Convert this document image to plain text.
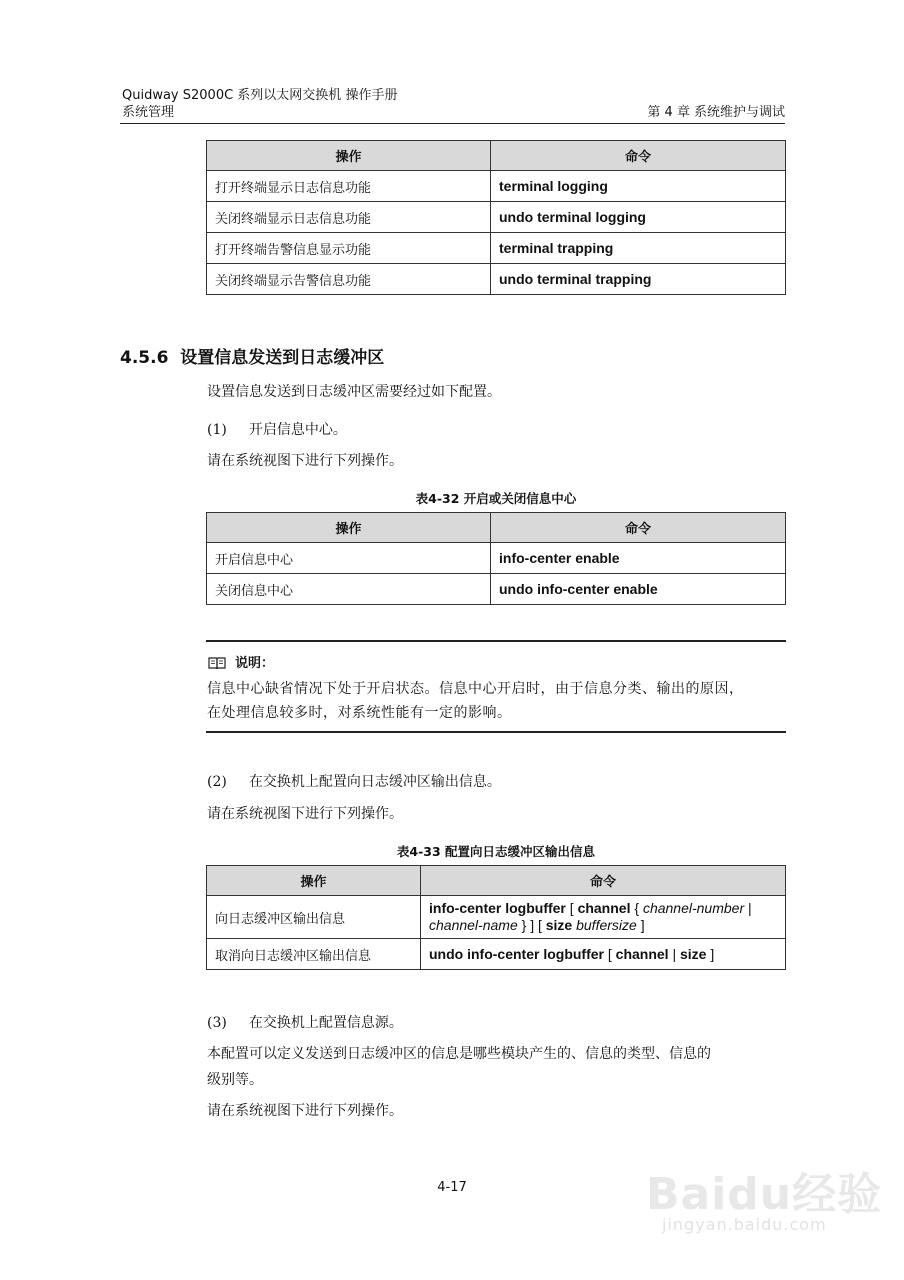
Quidway S2000C 系列以太网交换机 操作手册
系统管理	第 4 章 系统维护与调试
操作	命令
打开终端显示日志信息功能	terminal logging
关闭终端显示日志信息功能	undo terminal logging
打开终端告警信息显示功能	terminal trapping
关闭终端显示告警信息功能	undo terminal trapping
4.5.6 设置信息发送到日志缓冲区
设置信息发送到日志缓冲区需要经过如下配置。
(1) 开启信息中心。
请在系统视图下进行下列操作。
表4-32 开启或关闭信息中心
操作	命令
开启信息中心	info-center enable
关闭信息中心	undo info-center enable
说明：
信息中心缺省情况下处于开启状态。信息中心开启时，由于信息分类、输出的原因，
在处理信息较多时，对系统性能有一定的影响。
(2) 在交换机上配置向日志缓冲区输出信息。
请在系统视图下进行下列操作。
表4-33 配置向日志缓冲区输出信息
操作	命令
向日志缓冲区输出信息	info-center logbuffer [ channel { channel-number |
channel-name } ] [ size buffersize ]
取消向日志缓冲区输出信息	undo info-center logbuffer [ channel | size ]
(3) 在交换机上配置信息源。
本配置可以定义发送到日志缓冲区的信息是哪些模块产生的、信息的类型、信息的
级别等。
请在系统视图下进行下列操作。
4-17	Baidu经验
jingyan.baidu.com
